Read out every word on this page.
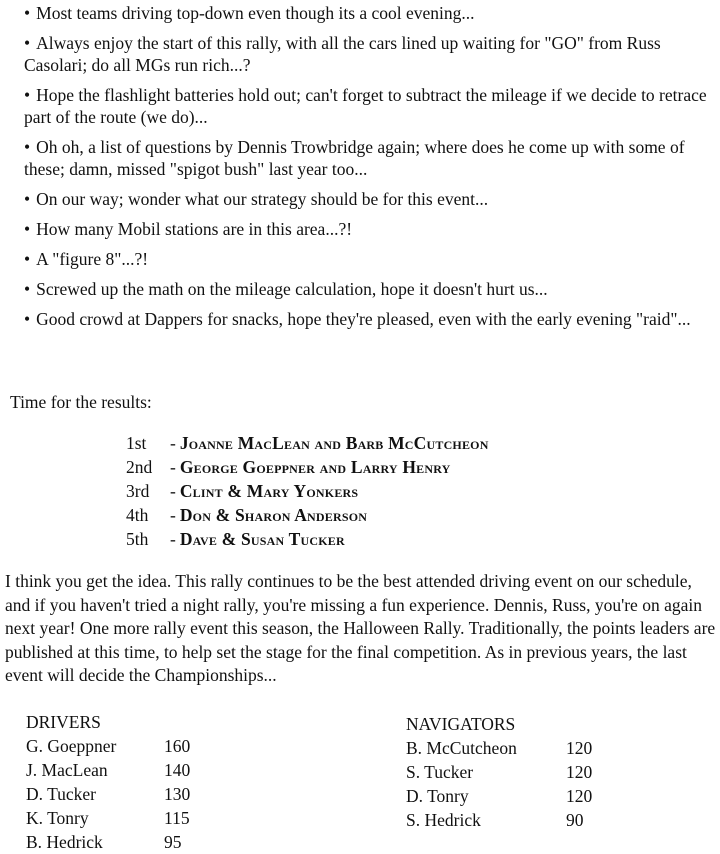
• Most teams driving top-down even though its a cool evening...
• Always enjoy the start of this rally, with all the cars lined up waiting for "GO" from Russ Casolari; do all MGs run rich...?
• Hope the flashlight batteries hold out; can't forget to subtract the mileage if we decide to retrace part of the route (we do)...
• Oh oh, a list of questions by Dennis Trowbridge again; where does he come up with some of these; damn, missed "spigot bush" last year too...
• On our way; wonder what our strategy should be for this event...
• How many Mobil stations are in this area...?!
• A "figure 8"...?!
• Screwed up the math on the mileage calculation, hope it doesn't hurt us...
• Good crowd at Dappers for snacks, hope they're pleased, even with the early evening "raid"...
Time for the results:
1st - Joanne MacLean and Barb McCutcheon
2nd - George Goeppner and Larry Henry
3rd - Clint & Mary Yonkers
4th - Don & Sharon Anderson
5th - Dave & Susan Tucker

I think you get the idea. This rally continues to be the best attended driving event on our schedule, and if you haven't tried a night rally, you're missing a fun experience. Dennis, Russ, you're on again next year! One more rally event this season, the Halloween Rally. Traditionally, the points leaders are published at this time, to help set the stage for the final competition. As in previous years, the last event will decide the Championships...

DRIVERS
G. Goeppner	160
J. MacLean	140
D. Tucker	130
K. Tonry	115
B. Hedrick	95
NAVIGATORS
B. McCutcheon	120
S. Tucker	120
D. Tonry	120
S. Hedrick	90
